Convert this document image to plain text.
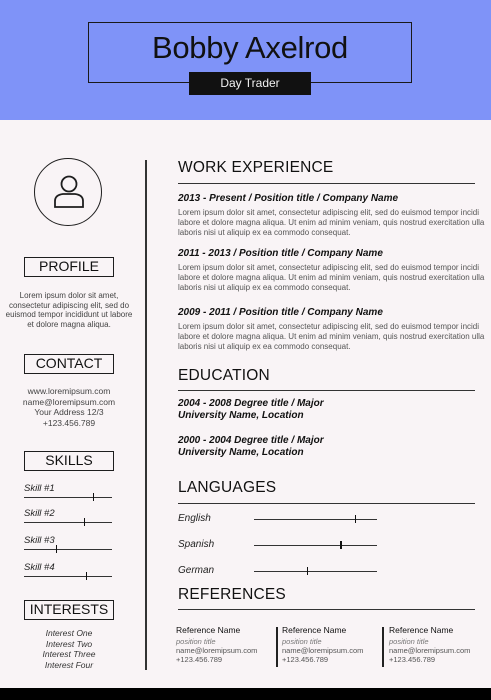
Bobby Axelrod
Day Trader
PROFILE
Lorem ipsum dolor sit amet,
consectetur adipiscing elit, sed do
euismod tempor incididunt ut labore
et dolore magna aliqua.
CONTACT
www.loremipsum.com
name@loremipsum.com
Your Address 12/3
+123.456.789
SKILLS
Skill #1
Skill #2
Skill #3
Skill #4
INTERESTS
Interest One
Interest Two
Interest Three
Interest Four
WORK EXPERIENCE
2013 - Present / Position title / Company Name
Lorem ipsum dolor sit amet, consectetur adipiscing elit, sed do euismod tempor incidi
labore et dolore magna aliqua. Ut enim ad minim veniam, quis nostrud exercitation ulla
laboris nisi ut aliquip ex ea commodo consequat.
2011 - 2013 / Position title / Company Name
Lorem ipsum dolor sit amet, consectetur adipiscing elit, sed do euismod tempor incidi
labore et dolore magna aliqua. Ut enim ad minim veniam, quis nostrud exercitation ulla
laboris nisi ut aliquip ex ea commodo consequat.
2009 - 2011 / Position title / Company Name
Lorem ipsum dolor sit amet, consectetur adipiscing elit, sed do euismod tempor incidi
labore et dolore magna aliqua. Ut enim ad minim veniam, quis nostrud exercitation ulla
laboris nisi ut aliquip ex ea commodo consequat.
EDUCATION
2004 - 2008 Degree title / Major
University Name, Location
2000 - 2004 Degree title / Major
University Name, Location
LANGUAGES
English
Spanish
German
REFERENCES
Reference Name
position title
name@loremipsum.com
+123.456.789
Reference Name
position title
name@loremipsum.com
+123.456.789
Reference Name
position title
name@loremipsum.com
+123.456.789
